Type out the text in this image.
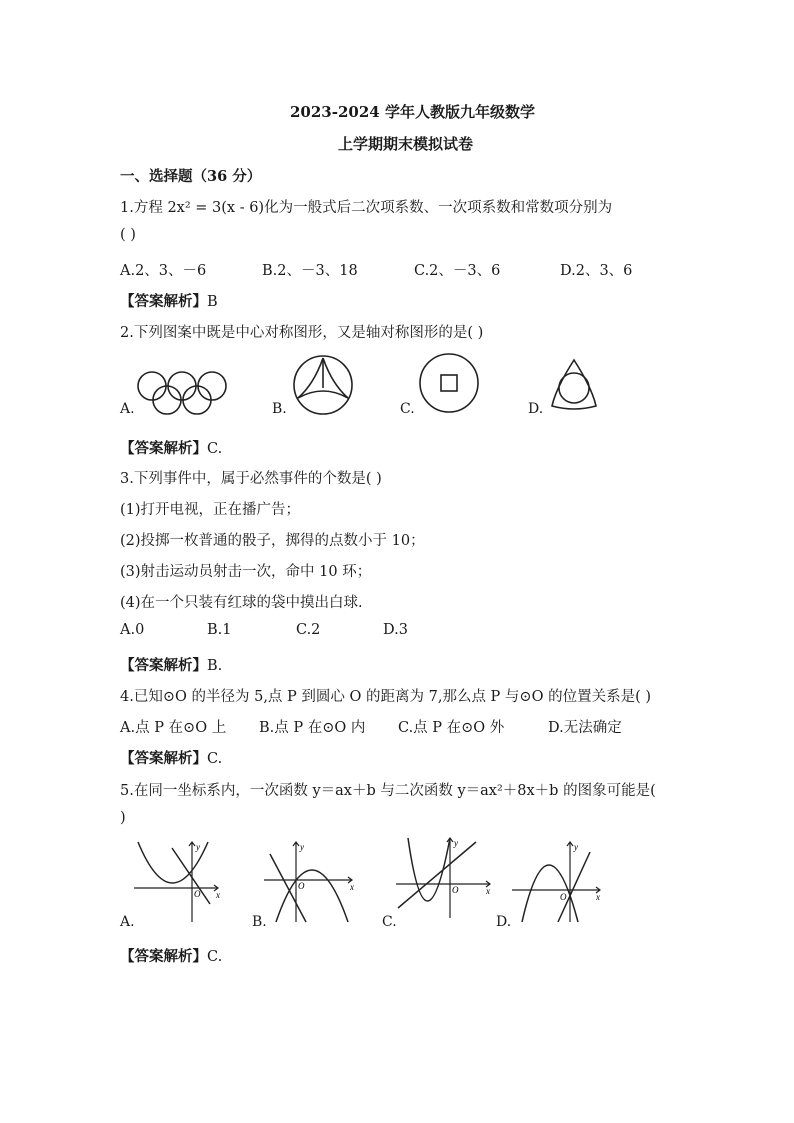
2023-2024 学年人教版九年级数学
上学期期末模拟试卷
一、选择题（36 分）
1.方程 2x² = 3(x - 6)化为一般式后二次项系数、一次项系数和常数项分别为
( )
A.2、3、－6	B.2、－3、18	C.2、－3、6	D.2、3、6
【答案解析】B
2.下列图案中既是中心对称图形，又是轴对称图形的是( )
A.	B.	C.	D.
【答案解析】C.
3.下列事件中，属于必然事件的个数是( )
(1)打开电视，正在播广告；
(2)投掷一枚普通的骰子，掷得的点数小于 10；
(3)射击运动员射击一次，命中 10 环；
(4)在一个只装有红球的袋中摸出白球.
A.0	B.1	C.2	D.3
【答案解析】B.
4.已知⊙O 的半径为 5,点 P 到圆心 O 的距离为 7,那么点 P 与⊙O 的位置关系是( )
A.点 P 在⊙O 上 B.点 P 在⊙O 内 C.点 P 在⊙O 外	D.无法确定
【答案解析】C.
5.在同一坐标系内，一次函数 y＝ax＋b 与二次函数 y＝ax²＋8x＋b 的图象可能是(
)
y
x
O
A.
y
x
O
B.
y
x
O
C.
y
x
O
D.
【答案解析】C.
